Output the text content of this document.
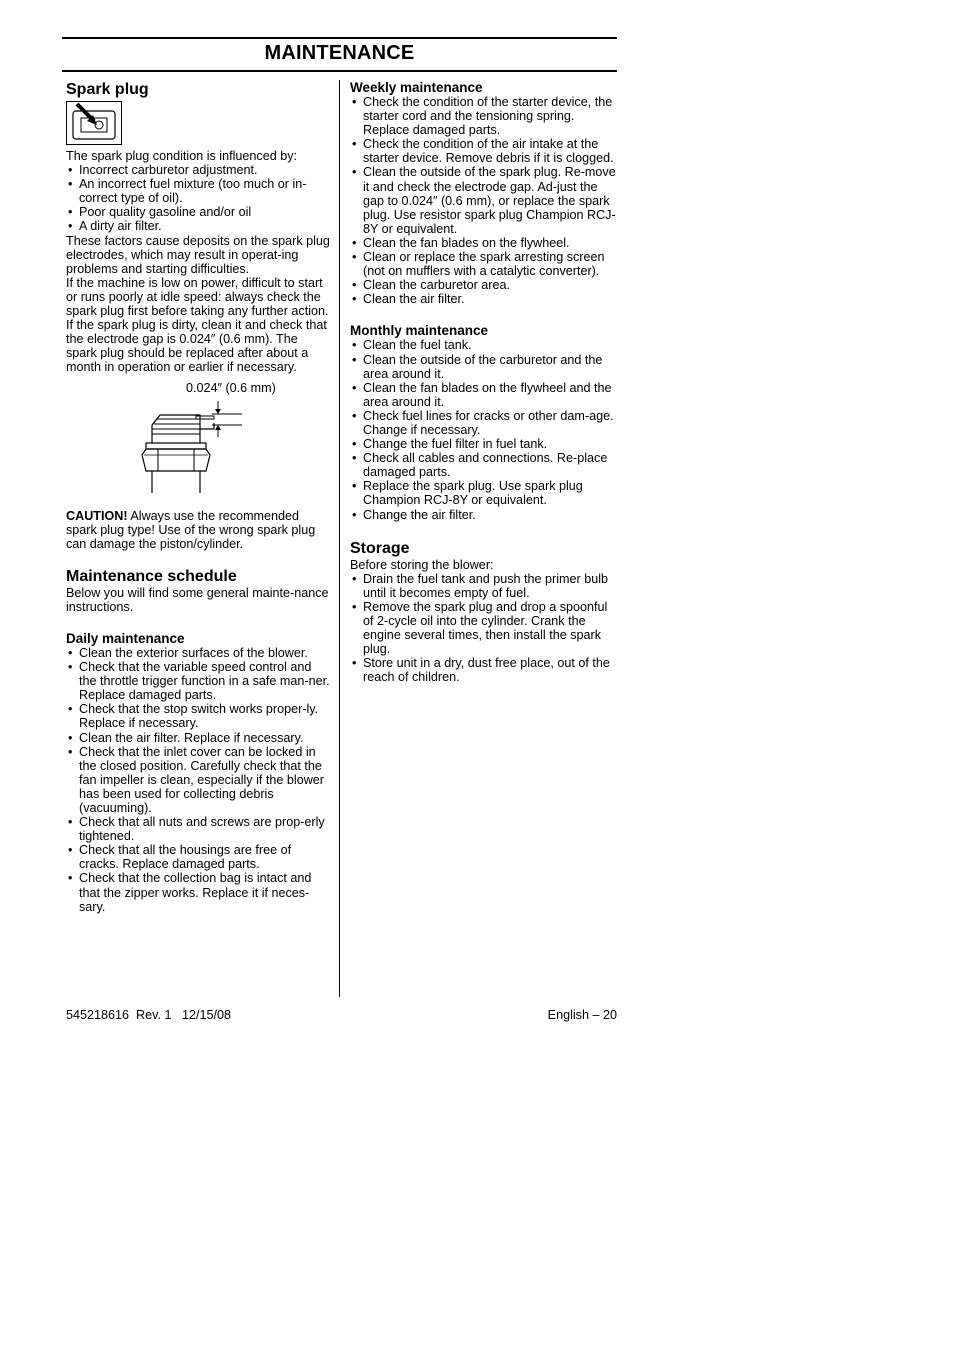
MAINTENANCE
Spark plug

The spark plug condition is influenced by:

• Incorrect carburetor adjustment.
• An incorrect fuel mixture (too much or in-correct type of oil).
• Poor quality gasoline and/or oil
• A dirty air filter.

These factors cause deposits on the spark plug electrodes, which may result in operat-ing problems and starting difficulties.

If the machine is low on power, difficult to start or runs poorly at idle speed: always check the spark plug first before taking any further action. If the spark plug is dirty, clean it and check that the electrode gap is 0.024″ (0.6 mm). The spark plug should be replaced after about a month in operation or earlier if necessary.

0.024″ (0.6 mm)

CAUTION! Always use the recommended spark plug type! Use of the wrong spark plug can damage the piston/cylinder.

Maintenance schedule

Below you will find some general mainte-nance instructions.

Daily maintenance
• Clean the exterior surfaces of the blower.
• Check that the variable speed control and the throttle trigger function in a safe man-ner. Replace damaged parts.
• Check that the stop switch works proper-ly. Replace if necessary.
• Clean the air filter. Replace if necessary.
• Check that the inlet cover can be locked in the closed position. Carefully check that the fan impeller is clean, especially if the blower has been used for collecting debris (vacuuming).
• Check that all nuts and screws are prop-erly tightened.
• Check that all the housings are free of cracks. Replace damaged parts.
• Check that the collection bag is intact and that the zipper works. Replace it if neces-sary.
Weekly maintenance
• Check the condition of the starter device, the starter cord and the tensioning spring. Replace damaged parts.
• Check the condition of the air intake at the starter device. Remove debris if it is clogged.
• Clean the outside of the spark plug. Re-move it and check the electrode gap. Ad-just the gap to 0.024″ (0.6 mm), or replace the spark plug. Use resistor spark plug Champion RCJ-8Y or equivalent.
• Clean the fan blades on the flywheel.
• Clean or replace the spark arresting screen (not on mufflers with a catalytic converter).
• Clean the carburetor area.
• Clean the air filter.
Monthly maintenance
• Clean the fuel tank.
• Clean the outside of the carburetor and the area around it.
• Clean the fan blades on the flywheel and the area around it.
• Check fuel lines for cracks or other dam-age. Change if necessary.
• Change the fuel filter in fuel tank.
• Check all cables and connections. Re-place damaged parts.
• Replace the spark plug. Use spark plug Champion RCJ-8Y or equivalent.
• Change the air filter.
Storage

Before storing the blower:

• Drain the fuel tank and push the primer bulb until it becomes empty of fuel.
• Remove the spark plug and drop a spoonful of 2-cycle oil into the cylinder. Crank the engine several times, then install the spark plug.
• Store unit in a dry, dust free place, out of the reach of children.
545218616  Rev. 1   12/15/08	English – 20
